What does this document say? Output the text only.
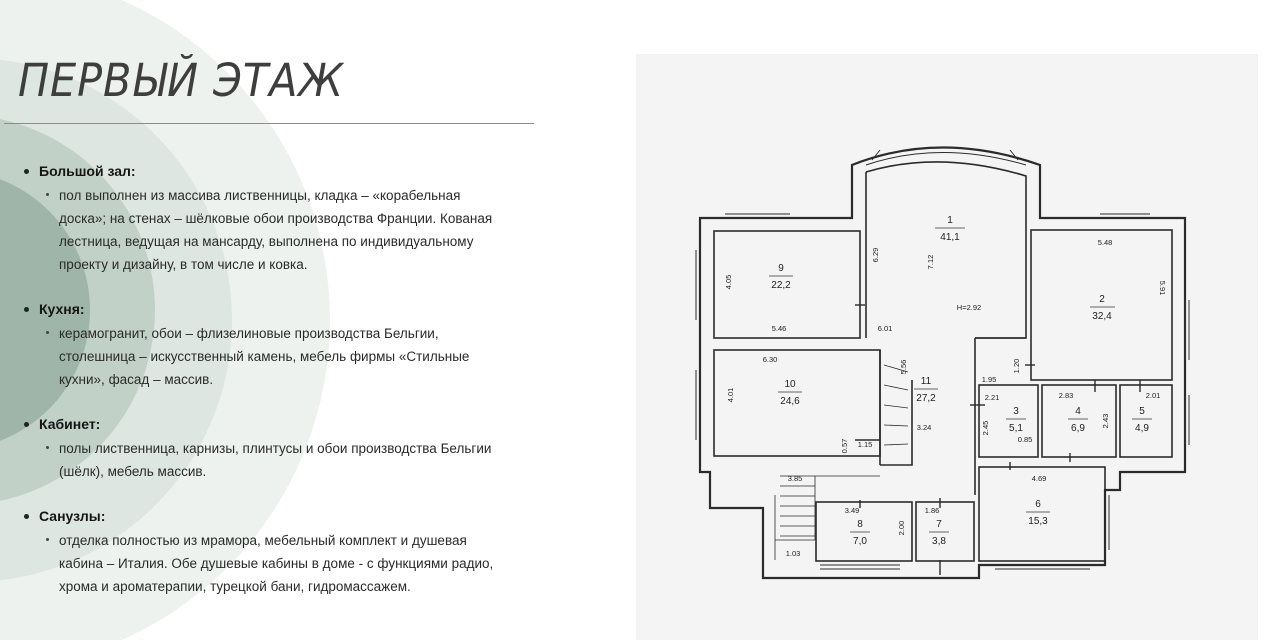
ПЕРВЫЙ ЭТАЖ
Большой зал:
пол выполнен из массива лиственницы, кладка – «корабельная доска»; на стенах – шёлковые обои производства Франции. Кованая лестница, ведущая на мансарду, выполнена по индивидуальному проекту и дизайну, в том числе и ковка.
Кухня:
керамогранит, обои – флизелиновые производства Бельгии, столешница – искусственный камень, мебель фирмы «Стильные кухни», фасад – массив.
Кабинет:
полы лиственница, карнизы, плинтусы и обои производства Бельгии (шёлк), мебель массив.
Санузлы:
отделка полностью из мрамора, мебельный комплект и душевая кабина – Италия. Обе душевые кабины в доме - с функциями радио, хрома и ароматерапии, турецкой бани, гидромассажем.
1
41,1
2
32,4
3
5,1
4
6,9
5
4,9
6
15,3
7
3,8
8
7,0
9
22,2
10
24,6
11
27,2
6.29	7.12
5.48
4.05
5.46	6.01
5.91
H=2.92
6.30
5.56	1.20
1.95
4.01	2.21	2.83	2.01
3.24	2.45	2.43
0.85
0.57 1.15
3.85	4.69
3.49	1.86
2.00
1.03
